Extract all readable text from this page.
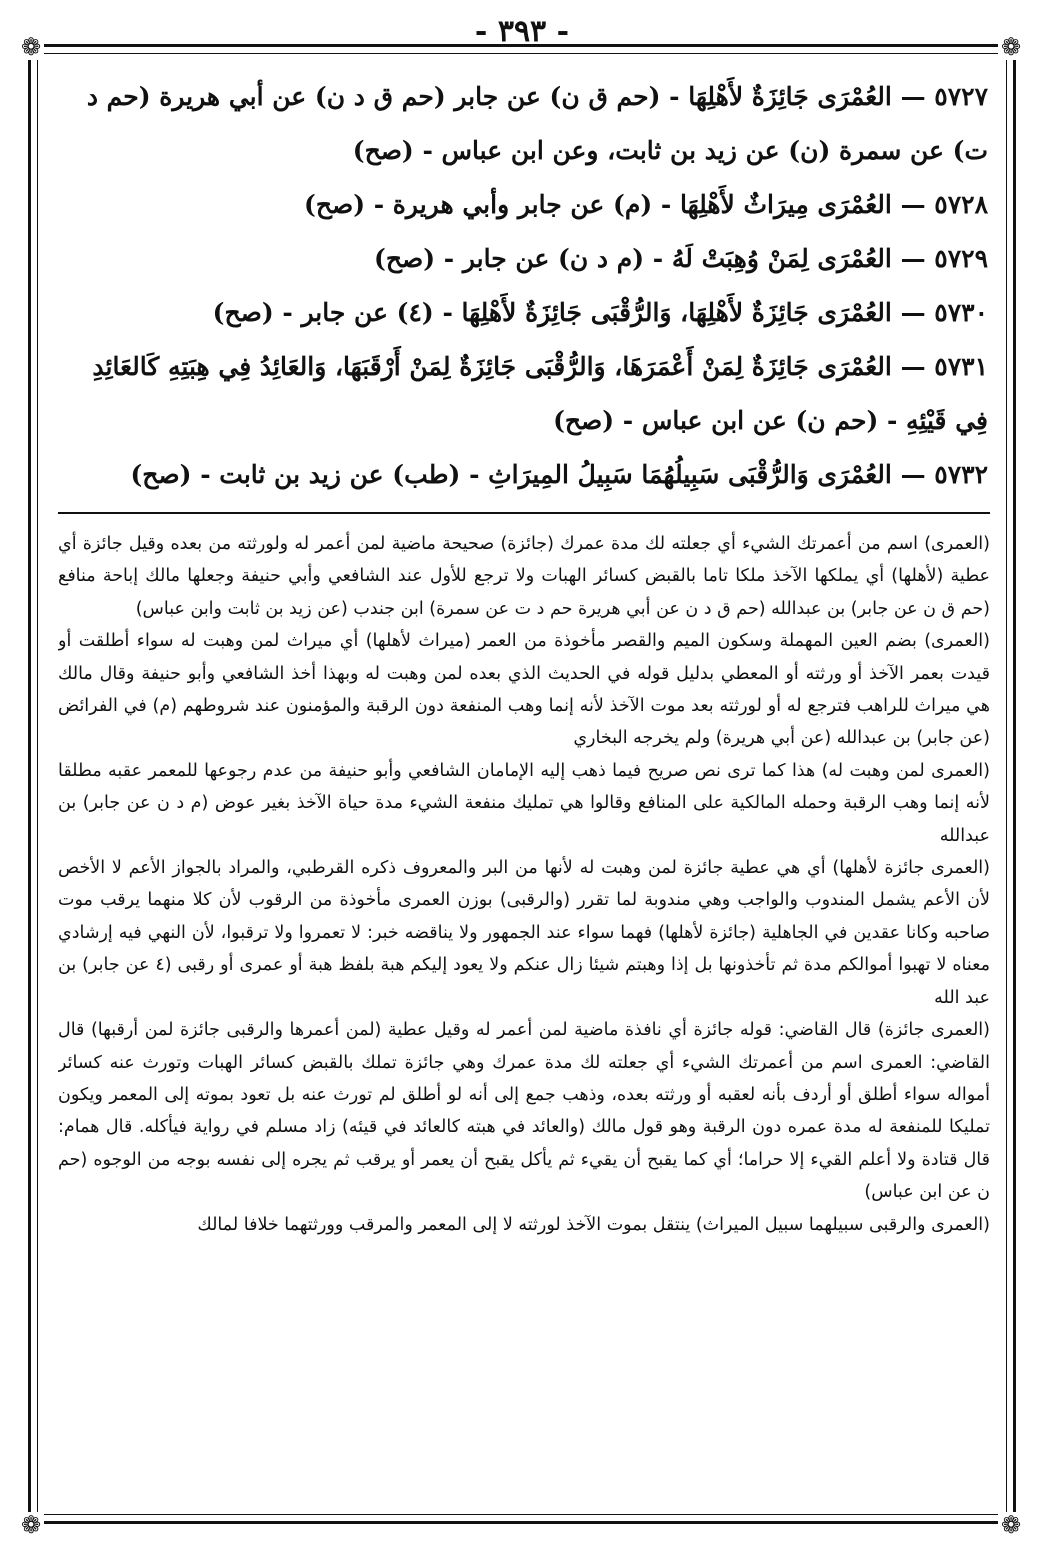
- ٣٩٣ -
❁	❁
❁	❁

٥٧٢٧ — العُمْرَى جَائِزَةٌ لأَهْلِهَا - (حم ق ن) عن جابر (حم ق د ن) عن أبي هريرة (حم د ت) عن سمرة (ن) عن زيد بن ثابت، وعن ابن عباس - (صح)

٥٧٢٨ — العُمْرَى مِيرَاثٌ لأَهْلِهَا - (م) عن جابر وأبي هريرة - (صح)

٥٧٢٩ — العُمْرَى لِمَنْ وُهِبَتْ لَهُ - (م د ن) عن جابر - (صح)

٥٧٣٠ — العُمْرَى جَائِزَةٌ لأَهْلِهَا، وَالرُّقْبَى جَائِزَةٌ لأَهْلِهَا - (٤) عن جابر - (صح)

٥٧٣١ — العُمْرَى جَائِزَةٌ لِمَنْ أَعْمَرَهَا، وَالرُّقْبَى جَائِزَةٌ لِمَنْ أَرْقَبَهَا، وَالعَائِدُ فِي هِبَتِهِ كَالعَائِدِ فِي قَيْئِهِ - (حم ن) عن ابن عباس - (صح)

٥٧٣٢ — العُمْرَى وَالرُّقْبَى سَبِيلُهُمَا سَبِيلُ المِيرَاثِ - (طب) عن زيد بن ثابت - (صح)

(العمرى) اسم من أعمرتك الشيء أي جعلته لك مدة عمرك (جائزة) صحيحة ماضية لمن أعمر له ولورثته من بعده وقيل جائزة أي عطية (لأهلها) أي يملكها الآخذ ملكا تاما بالقبض كسائر الهبات ولا ترجع للأول عند الشافعي وأبي حنيفة وجعلها مالك إباحة منافع (حم ق ن عن جابر) بن عبدالله (حم ق د ن عن أبي هريرة حم د ت عن سمرة) ابن جندب (عن زيد بن ثابت وابن عباس)

(العمرى) بضم العين المهملة وسكون الميم والقصر مأخوذة من العمر (ميراث لأهلها) أي ميراث لمن وهبت له سواء أطلقت أو قيدت بعمر الآخذ أو ورثته أو المعطي بدليل قوله في الحديث الذي بعده لمن وهبت له وبهذا أخذ الشافعي وأبو حنيفة وقال مالك هي ميراث للراهب فترجع له أو لورثته بعد موت الآخذ لأنه إنما وهب المنفعة دون الرقبة والمؤمنون عند شروطهم (م) في الفرائض (عن جابر) بن عبدالله (عن أبي هريرة) ولم يخرجه البخاري

(العمرى لمن وهبت له) هذا كما ترى نص صريح فيما ذهب إليه الإمامان الشافعي وأبو حنيفة من عدم رجوعها للمعمر عقبه مطلقا لأنه إنما وهب الرقبة وحمله المالكية على المنافع وقالوا هي تمليك منفعة الشيء مدة حياة الآخذ بغير عوض (م د ن عن جابر) بن عبدالله

(العمرى جائزة لأهلها) أي هي عطية جائزة لمن وهبت له لأنها من البر والمعروف ذكره القرطبي، والمراد بالجواز الأعم لا الأخص لأن الأعم يشمل المندوب والواجب وهي مندوبة لما تقرر (والرقبى) بوزن العمرى مأخوذة من الرقوب لأن كلا منهما يرقب موت صاحبه وكانا عقدين في الجاهلية (جائزة لأهلها) فهما سواء عند الجمهور ولا يناقضه خبر: لا تعمروا ولا ترقبوا، لأن النهي فيه إرشادي معناه لا تهبوا أموالكم مدة ثم تأخذونها بل إذا وهبتم شيئا زال عنكم ولا يعود إليكم هبة بلفظ هبة أو عمرى أو رقبى (٤ عن جابر) بن عبد الله

(العمرى جائزة) قال القاضي: قوله جائزة أي نافذة ماضية لمن أعمر له وقيل عطية (لمن أعمرها والرقبى جائزة لمن أرقبها) قال القاضي: العمرى اسم من أعمرتك الشيء أي جعلته لك مدة عمرك وهي جائزة تملك بالقبض كسائر الهبات وتورث عنه كسائر أمواله سواء أطلق أو أردف بأنه لعقبه أو ورثته بعده، وذهب جمع إلى أنه لو أطلق لم تورث عنه بل تعود بموته إلى المعمر ويكون تمليكا للمنفعة له مدة عمره دون الرقبة وهو قول مالك (والعائد في هبته كالعائد في قيئه) زاد مسلم في رواية فيأكله. قال همام: قال قتادة ولا أعلم القيء إلا حراما؛ أي كما يقبح أن يقيء ثم يأكل يقبح أن يعمر أو يرقب ثم يجره إلى نفسه بوجه من الوجوه (حم ن عن ابن عباس)

(العمرى والرقبى سبيلهما سبيل الميراث) ينتقل بموت الآخذ لورثته لا إلى المعمر والمرقب وورثتهما خلافا لمالك
